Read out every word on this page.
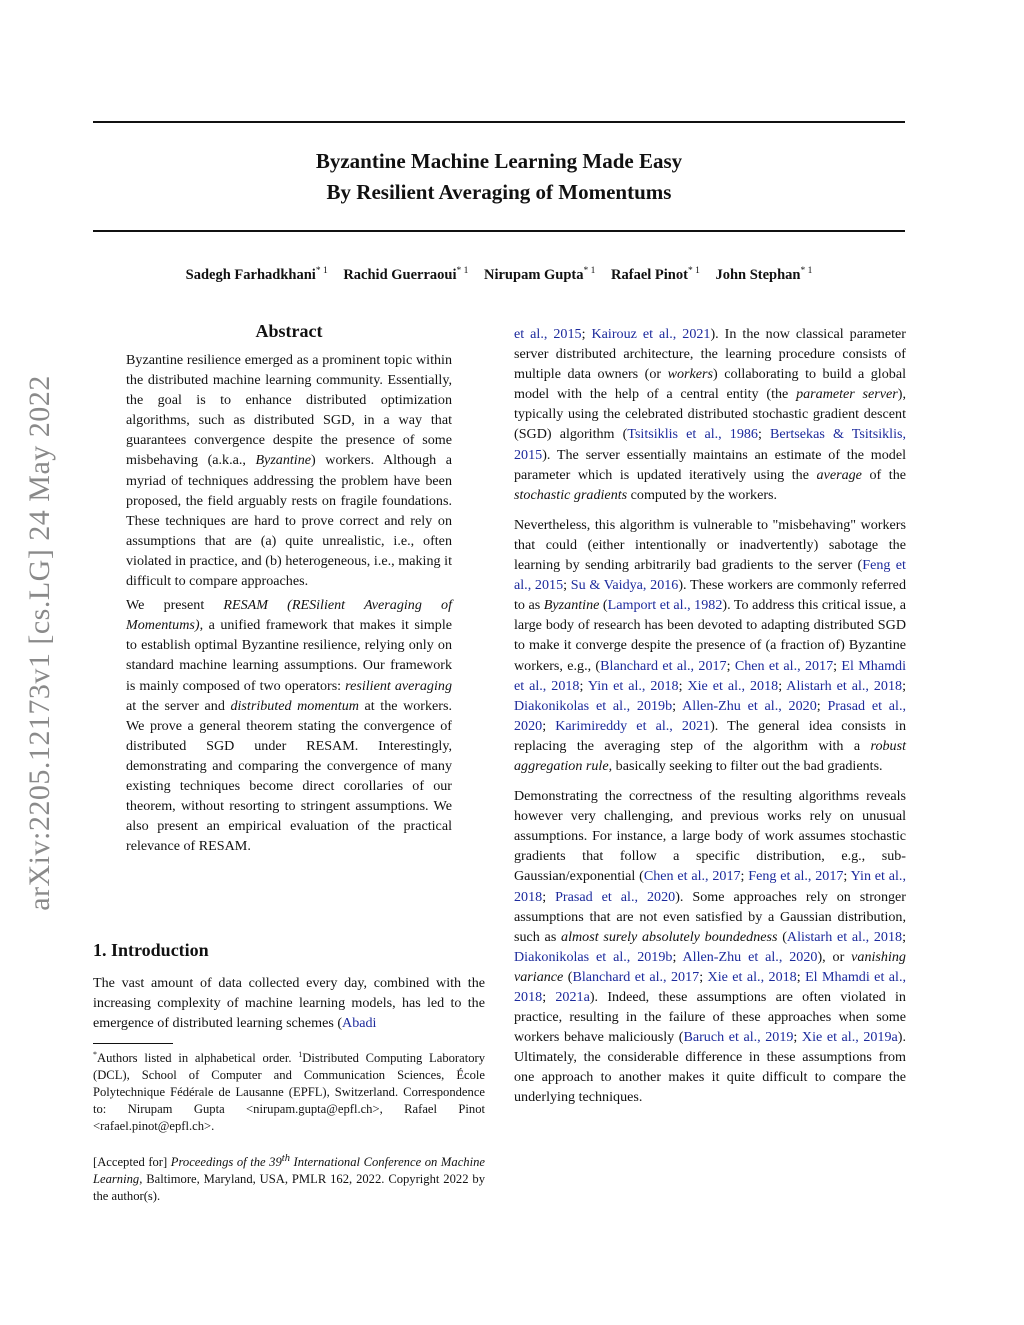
arXiv:2205.12173v1 [cs.LG] 24 May 2022
Byzantine Machine Learning Made Easy
By Resilient Averaging of Momentums
Sadegh Farhadkhani$^{* 1}$ Rachid Guerraoui$^{* 1}$ Nirupam Gupta$^{* 1}$ Rafael Pinot$^{* 1}$ John Stephan$^{* 1}$
Abstract

Byzantine resilience emerged as a prominent topic within the distributed machine learning community. Essentially, the goal is to enhance distributed optimization algorithms, such as distributed SGD, in a way that guarantees convergence despite the presence of some misbehaving (a.k.a., Byzantine) workers. Although a myriad of techniques addressing the problem have been proposed, the field arguably rests on fragile foundations. These techniques are hard to prove correct and rely on assumptions that are (a) quite unrealistic, i.e., often violated in practice, and (b) heterogeneous, i.e., making it difficult to compare approaches.

We present RESAM (RESilient Averaging of Momentums), a unified framework that makes it simple to establish optimal Byzantine resilience, relying only on standard machine learning assumptions. Our framework is mainly composed of two operators: resilient averaging at the server and distributed momentum at the workers. We prove a general theorem stating the convergence of distributed SGD under RESAM. Interestingly, demonstrating and comparing the convergence of many existing techniques become direct corollaries of our theorem, without resorting to stringent assumptions. We also present an empirical evaluation of the practical relevance of RESAM.

1. Introduction

The vast amount of data collected every day, combined with the increasing complexity of machine learning models, has led to the emergence of distributed learning schemes (Abadi

*Authors listed in alphabetical order. $^1$Distributed Computing Laboratory (DCL), School of Computer and Communication Sciences, École Polytechnique Fédérale de Lausanne (EPFL), Switzerland. Correspondence to: Nirupam Gupta <nirupam.gupta@epfl.ch>, Rafael Pinot <rafael.pinot@epfl.ch>.

[Accepted for] Proceedings of the 39th International Conference on Machine Learning, Baltimore, Maryland, USA, PMLR 162, 2022. Copyright 2022 by the author(s).

et al., 2015; Kairouz et al., 2021). In the now classical parameter server distributed architecture, the learning procedure consists of multiple data owners (or workers) collaborating to build a global model with the help of a central entity (the parameter server), typically using the celebrated distributed stochastic gradient descent (SGD) algorithm (Tsitsiklis et al., 1986; Bertsekas & Tsitsiklis, 2015). The server essentially maintains an estimate of the model parameter which is updated iteratively using the average of the stochastic gradients computed by the workers.

Nevertheless, this algorithm is vulnerable to "misbehaving" workers that could (either intentionally or inadvertently) sabotage the learning by sending arbitrarily bad gradients to the server (Feng et al., 2015; Su & Vaidya, 2016). These workers are commonly referred to as Byzantine (Lamport et al., 1982). To address this critical issue, a large body of research has been devoted to adapting distributed SGD to make it converge despite the presence of (a fraction of) Byzantine workers, e.g., (Blanchard et al., 2017; Chen et al., 2017; El Mhamdi et al., 2018; Yin et al., 2018; Xie et al., 2018; Alistarh et al., 2018; Diakonikolas et al., 2019b; Allen-Zhu et al., 2020; Prasad et al., 2020; Karimireddy et al., 2021). The general idea consists in replacing the averaging step of the algorithm with a robust aggregation rule, basically seeking to filter out the bad gradients.

Demonstrating the correctness of the resulting algorithms reveals however very challenging, and previous works rely on unusual assumptions. For instance, a large body of work assumes stochastic gradients that follow a specific distribution, e.g., sub-Gaussian/exponential (Chen et al., 2017; Feng et al., 2017; Yin et al., 2018; Prasad et al., 2020). Some approaches rely on stronger assumptions that are not even satisfied by a Gaussian distribution, such as almost surely absolutely boundedness (Alistarh et al., 2018; Diakonikolas et al., 2019b; Allen-Zhu et al., 2020), or vanishing variance (Blanchard et al., 2017; Xie et al., 2018; El Mhamdi et al., 2018; 2021a). Indeed, these assumptions are often violated in practice, resulting in the failure of these approaches when some workers behave maliciously (Baruch et al., 2019; Xie et al., 2019a). Ultimately, the considerable difference in these assumptions from one approach to another makes it quite difficult to compare the underlying techniques.
